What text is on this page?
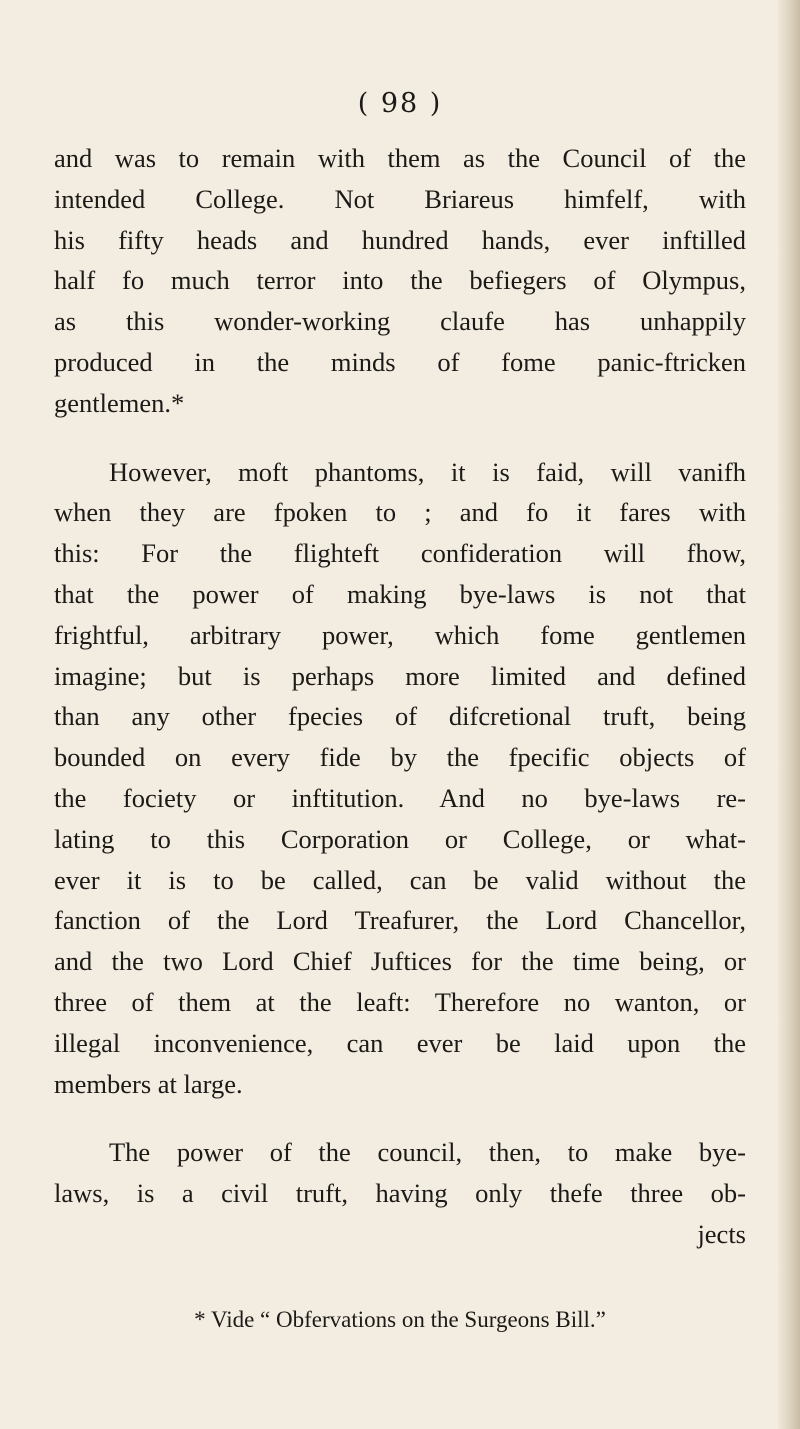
( 98 )
and was to remain with them as the Council of the
intended College. Not Briareus himfelf, with
his fifty heads and hundred hands, ever inftilled
half fo much terror into the befiegers of Olympus,
as this wonder-working claufe has unhappily
produced in the minds of fome panic-ftricken
gentlemen.*
However, moft phantoms, it is faid, will vanifh
when they are fpoken to ; and fo it fares with
this: For the flighteft confideration will fhow,
that the power of making bye-laws is not that
frightful, arbitrary power, which fome gentlemen
imagine; but is perhaps more limited and defined
than any other fpecies of difcretional truft, being
bounded on every fide by the fpecific objects of
the fociety or inftitution. And no bye-laws re-
lating to this Corporation or College, or what-
ever it is to be called, can be valid without the
fanction of the Lord Treafurer, the Lord Chancellor,
and the two Lord Chief Juftices for the time being, or
three of them at the leaft: Therefore no wanton, or
illegal inconvenience, can ever be laid upon the
members at large.
The power of the council, then, to make bye-
laws, is a civil truft, having only thefe three ob-
jects
* Vide “ Obfervations on the Surgeons Bill.”
